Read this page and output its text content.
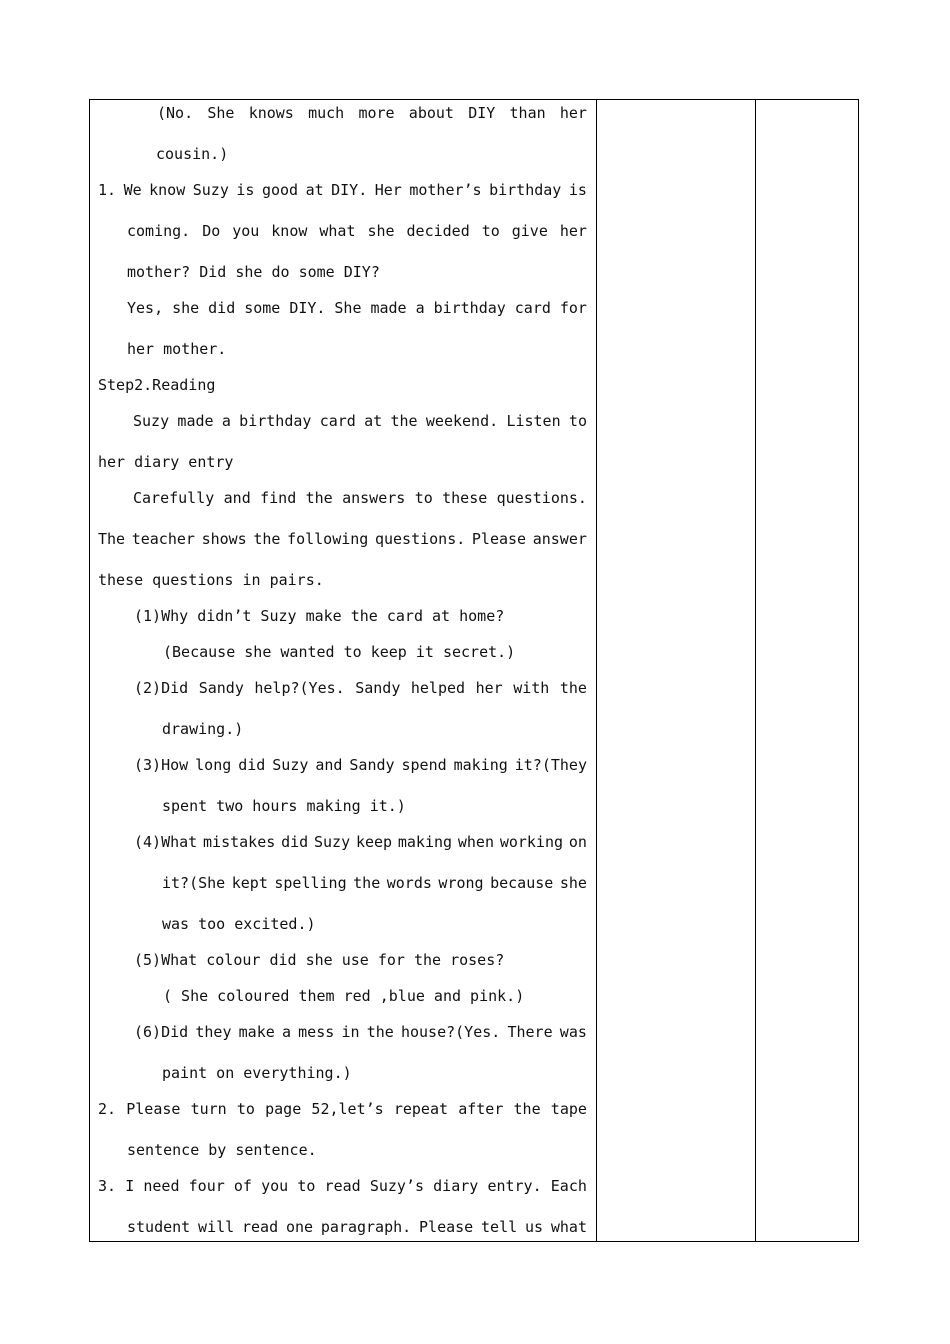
(No. She knows much more about DIY than her
cousin.)
1. We know Suzy is good at DIY. Her mother’s birthday is
coming. Do you know what she decided to give her
mother? Did she do some DIY?
Yes, she did some DIY. She made a birthday card for
her mother.
Step2.Reading
Suzy made a birthday card at the weekend. Listen to
her diary entry
Carefully and find the answers to these questions.
The teacher shows the following questions. Please answer
these questions in pairs.
(1)Why didn’t Suzy make the card at home?
(Because she wanted to keep it secret.)
(2)Did Sandy help?(Yes. Sandy helped her with the
drawing.)
(3)How long did Suzy and Sandy spend making it?(They
spent two hours making it.)
(4)What mistakes did Suzy keep making when working on
it?(She kept spelling the words wrong because she
was too excited.)
(5)What colour did she use for the roses?
( She coloured them red ,blue and pink.)
(6)Did they make a mess in the house?(Yes. There was
paint on everything.)
2. Please turn to page 52,let’s repeat after the tape
sentence by sentence.
3. I need four of you to read Suzy’s diary entry. Each
student will read one paragraph. Please tell us what
